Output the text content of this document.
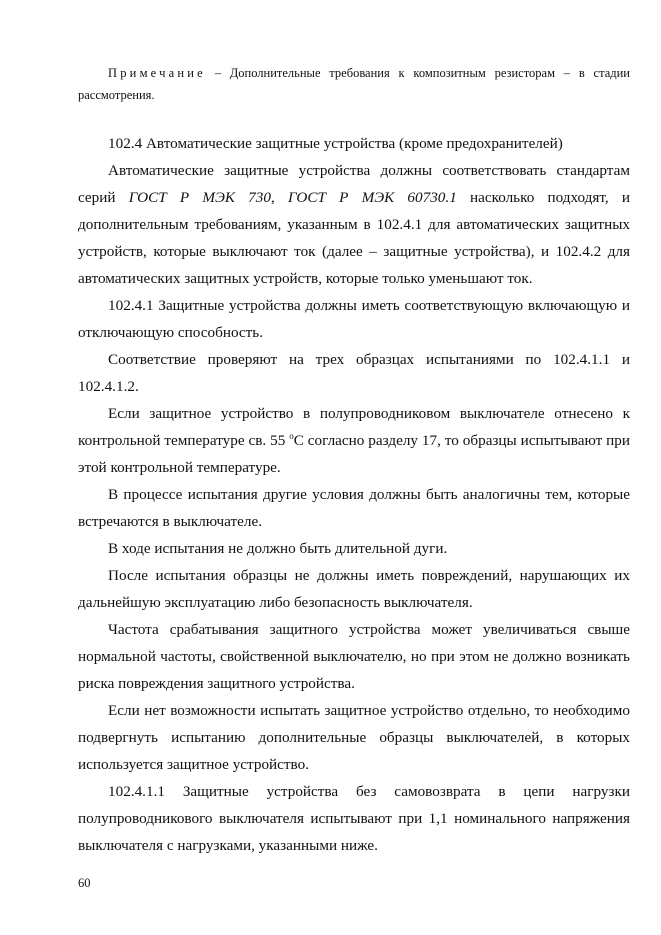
Примечание – Дополнительные требования к композитным резисторам – в стадии рассмотрения.

102.4 Автоматические защитные устройства (кроме предохранителей)

Автоматические защитные устройства должны соответствовать стандартам серий ГОСТ Р МЭК 730, ГОСТ Р МЭК 60730.1 насколько подходят, и дополнительным требованиям, указанным в 102.4.1 для автоматических защитных устройств, которые выключают ток (далее – защитные устройства), и 102.4.2 для автоматических защитных устройств, которые только уменьшают ток.

102.4.1 Защитные устройства должны иметь соответствующую включающую и отключающую способность.

Соответствие проверяют на трех образцах испытаниями по 102.4.1.1 и 102.4.1.2.

Если защитное устройство в полупроводниковом выключателе отнесено к контрольной температуре св. 55 $^о$С согласно разделу 17, то образцы испытывают при этой контрольной температуре.

В процессе испытания другие условия должны быть аналогичны тем, которые встречаются в выключателе.

В ходе испытания не должно быть длительной дуги.

После испытания образцы не должны иметь повреждений, нарушающих их дальнейшую эксплуатацию либо безопасность выключателя.

Частота срабатывания защитного устройства может увеличиваться свыше нормальной частоты, свойственной выключателю, но при этом не должно возникать риска повреждения защитного устройства.

Если нет возможности испытать защитное устройство отдельно, то необходимо подвергнуть испытанию дополнительные образцы выключателей, в которых используется защитное устройство.

102.4.1.1 Защитные устройства без самовозврата в цепи нагрузки полупроводникового выключателя испытывают при 1,1 номинального напряжения выключателя с нагрузками, указанными ниже.

60
